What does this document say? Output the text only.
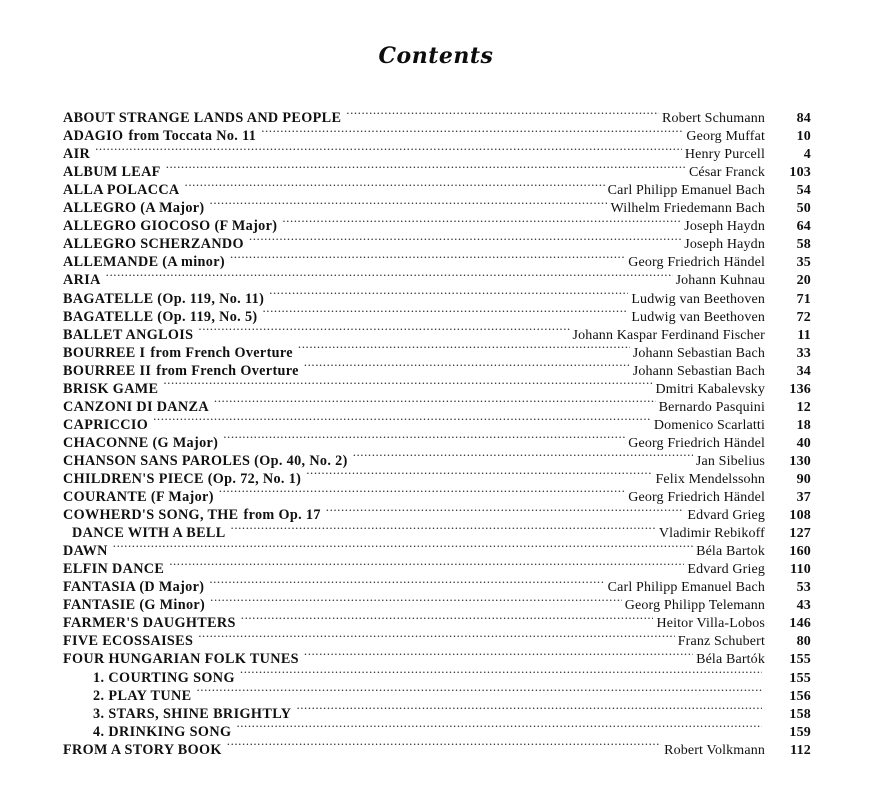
Contents
ABOUT STRANGE LANDS AND PEOPLE .....	Robert Schumann	84
ADAGIO from Toccata No. 11 .....	Georg Muffat	10
AIR .....	Henry Purcell	4
ALBUM LEAF .....	César Franck	103
ALLA POLACCA .....	Carl Philipp Emanuel Bach	54
ALLEGRO (A Major) .....	Wilhelm Friedemann Bach	50
ALLEGRO GIOCOSO (F Major) .....	Joseph Haydn	64
ALLEGRO SCHERZANDO .....	Joseph Haydn	58
ALLEMANDE (A minor) .....	Georg Friedrich Händel	35
ARIA .....	Johann Kuhnau	20
BAGATELLE (Op. 119, No. 11) .....	Ludwig van Beethoven	71
BAGATELLE (Op. 119, No. 5) .....	Ludwig van Beethoven	72
BALLET ANGLOIS .....	Johann Kaspar Ferdinand Fischer	11
BOURREE I from French Overture .....	Johann Sebastian Bach	33
BOURREE II from French Overture .....	Johann Sebastian Bach	34
BRISK GAME .....	Dmitri Kabalevsky	136
CANZONI DI DANZA .....	Bernardo Pasquini	12
CAPRICCIO .....	Domenico Scarlatti	18
CHACONNE (G Major) .....	Georg Friedrich Händel	40
CHANSON SANS PAROLES (Op. 40, No. 2) .....	Jan Sibelius	130
CHILDREN'S PIECE (Op. 72, No. 1) .....	Felix Mendelssohn	90
COURANTE (F Major) .....	Georg Friedrich Händel	37
COWHERD'S SONG, THE from Op. 17 .....	Edvard Grieg	108
DANCE WITH A BELL .....	Vladimir Rebikoff	127
DAWN .....	Béla Bartok	160
ELFIN DANCE .....	Edvard Grieg	110
FANTASIA (D Major) .....	Carl Philipp Emanuel Bach	53
FANTASIE (G Minor) .....	Georg Philipp Telemann	43
FARMER'S DAUGHTERS .....	Heitor Villa-Lobos	146
FIVE ECOSSAISES .....	Franz Schubert	80
FOUR HUNGARIAN FOLK TUNES .....	Béla Bartók	155
1. COURTING SONG .....	155
2. PLAY TUNE .....	156
3. STARS, SHINE BRIGHTLY .....	158
4. DRINKING SONG .....	159
FROM A STORY BOOK .....	Robert Volkmann	112
